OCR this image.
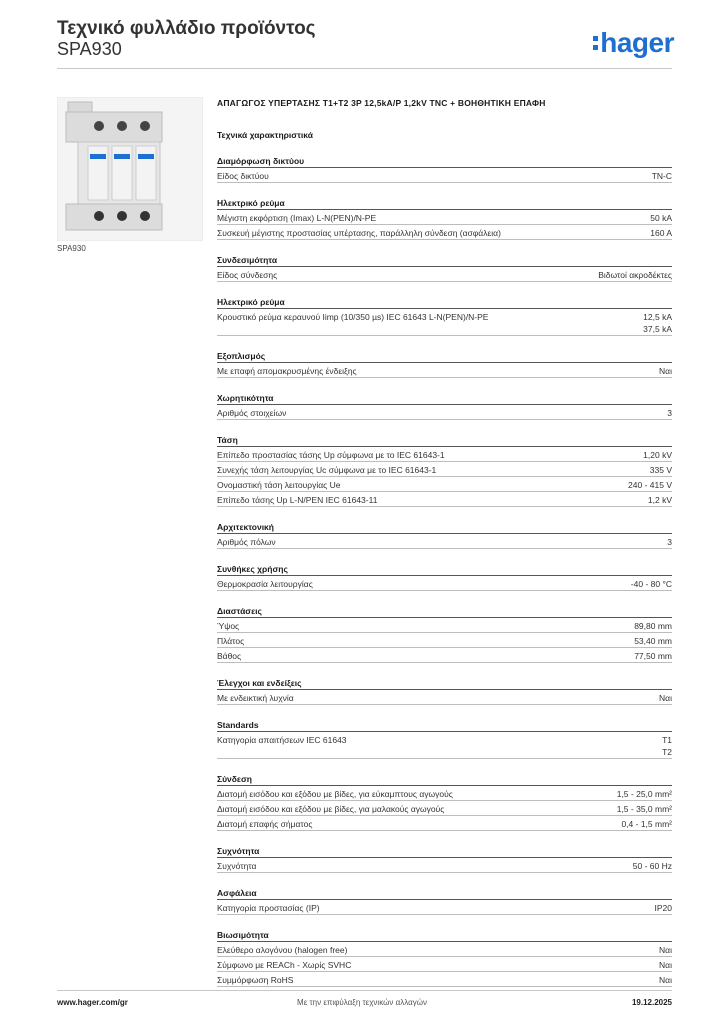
Τεχνικό φυλλάδιο προϊόντος
SPA930	hager
SPA930
ΑΠΑΓΩΓΟΣ ΥΠΕΡΤΑΣΗΣ T1+T2 3P 12,5kA/P 1,2kV TNC + ΒΟΗΘΗΤΙΚΗ ΕΠΑΦΗ
Τεχνικά χαρακτηριστικά
Διαμόρφωση δικτύου
Είδος δικτύου	TN-C
Ηλεκτρικό ρεύμα
Μέγιστη εκφόρτιση (Imax) L-N(PEN)/N-PE	50 kA
Συσκευή μέγιστης προστασίας υπέρτασης, παράλληλη σύνδεση (ασφάλεια)	160 A
Συνδεσιμότητα
Είδος σύνδεσης	Βιδωτοί ακροδέκτες
Ηλεκτρικό ρεύμα
Κρουστικό ρεύμα κεραυνού Iimp (10/350 µs) IEC 61643 L-N(PEN)/N-PE	12,5 kA
37,5 kA
Εξοπλισμός
Με επαφή απομακρυσμένης ένδειξης	Ναι
Χωρητικότητα
Αριθμός στοιχείων	3
Τάση
Επίπεδο προστασίας τάσης Up σύμφωνα με το IEC 61643-1	1,20 kV
Συνεχής τάση λειτουργίας Uc σύμφωνα με το IEC 61643-1	335 V
Ονομαστική τάση λειτουργίας Ue	240 - 415 V
Επίπεδο τάσης Up L-N/PEN IEC 61643-11	1,2 kV
Αρχιτεκτονική
Αριθμός πόλων	3
Συνθήκες χρήσης
Θερμοκρασία λειτουργίας	-40 - 80 °C
Διαστάσεις
Ύψος	89,80 mm
Πλάτος	53,40 mm
Βάθος	77,50 mm
Έλεγχοι και ενδείξεις
Με ενδεικτική λυχνία	Ναι
Standards
Κατηγορία απαιτήσεων IEC 61643	T1
T2
Σύνδεση
Διατομή εισόδου και εξόδου με βίδες, για εύκαμπτους αγωγούς	1,5 - 25,0 mm²
Διατομή εισόδου και εξόδου με βίδες, για μαλακούς αγωγούς	1,5 - 35,0 mm²
Διατομή επαφής σήματος	0,4 - 1,5 mm²
Συχνότητα
Συχνότητα	50 - 60 Hz
Ασφάλεια
Κατηγορία προστασίας (IP)	IP20
Βιωσιμότητα
Ελεύθερο αλογόνου (halogen free)	Ναι
Σύμφωνο με REACh - Χωρίς SVHC	Ναι
Συμμόρφωση RoHS	Ναι
www.hager.com/gr	Με την επιφύλαξη τεχνικών αλλαγών	19.12.2025
